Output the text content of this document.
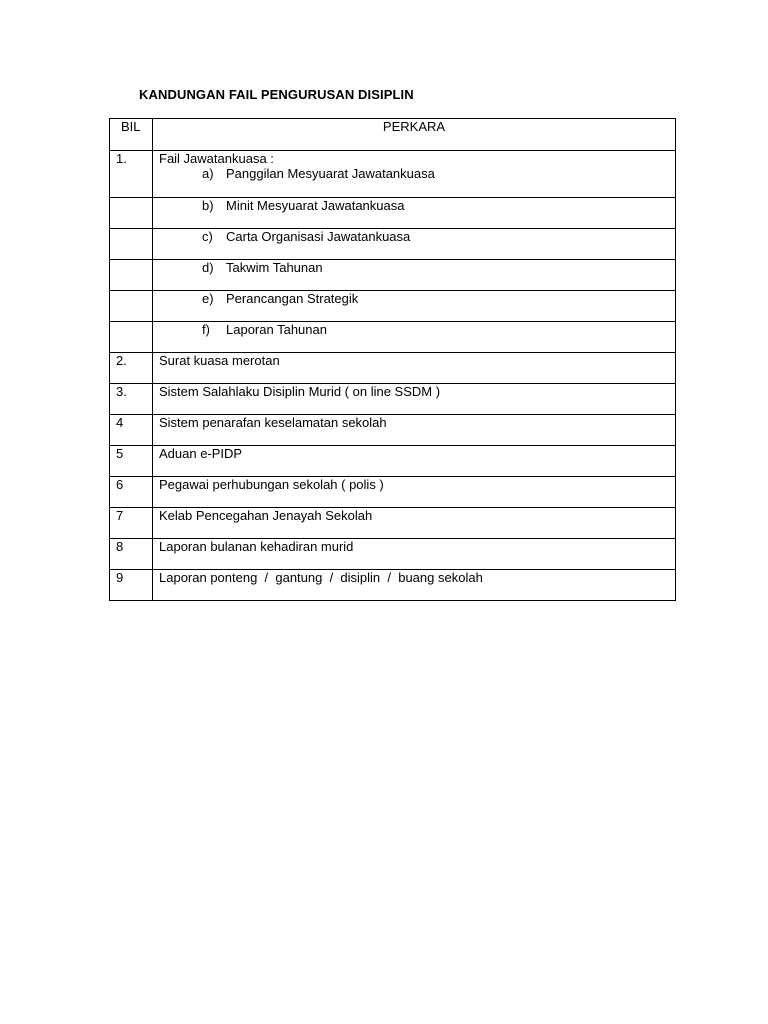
KANDUNGAN FAIL PENGURUSAN DISIPLIN
BIL	PERKARA
1.	Fail Jawatankuasa :
a) Panggilan Mesyuarat Jawatankuasa

	b) Minit Mesyuarat Jawatankuasa

	c) Carta Organisasi Jawatankuasa

	d) Takwim Tahunan

	e) Perancangan Strategik

	f) Laporan Tahunan

2.	Surat kuasa merotan
3.	Sistem Salahlaku Disiplin Murid ( on line SSDM )
4	Sistem penarafan keselamatan sekolah
5	Aduan e-PIDP
6	Pegawai perhubungan sekolah ( polis )
7	Kelab Pencegahan Jenayah Sekolah
8	Laporan bulanan kehadiran murid
9	Laporan ponteng  /  gantung  /  disiplin  /  buang sekolah
